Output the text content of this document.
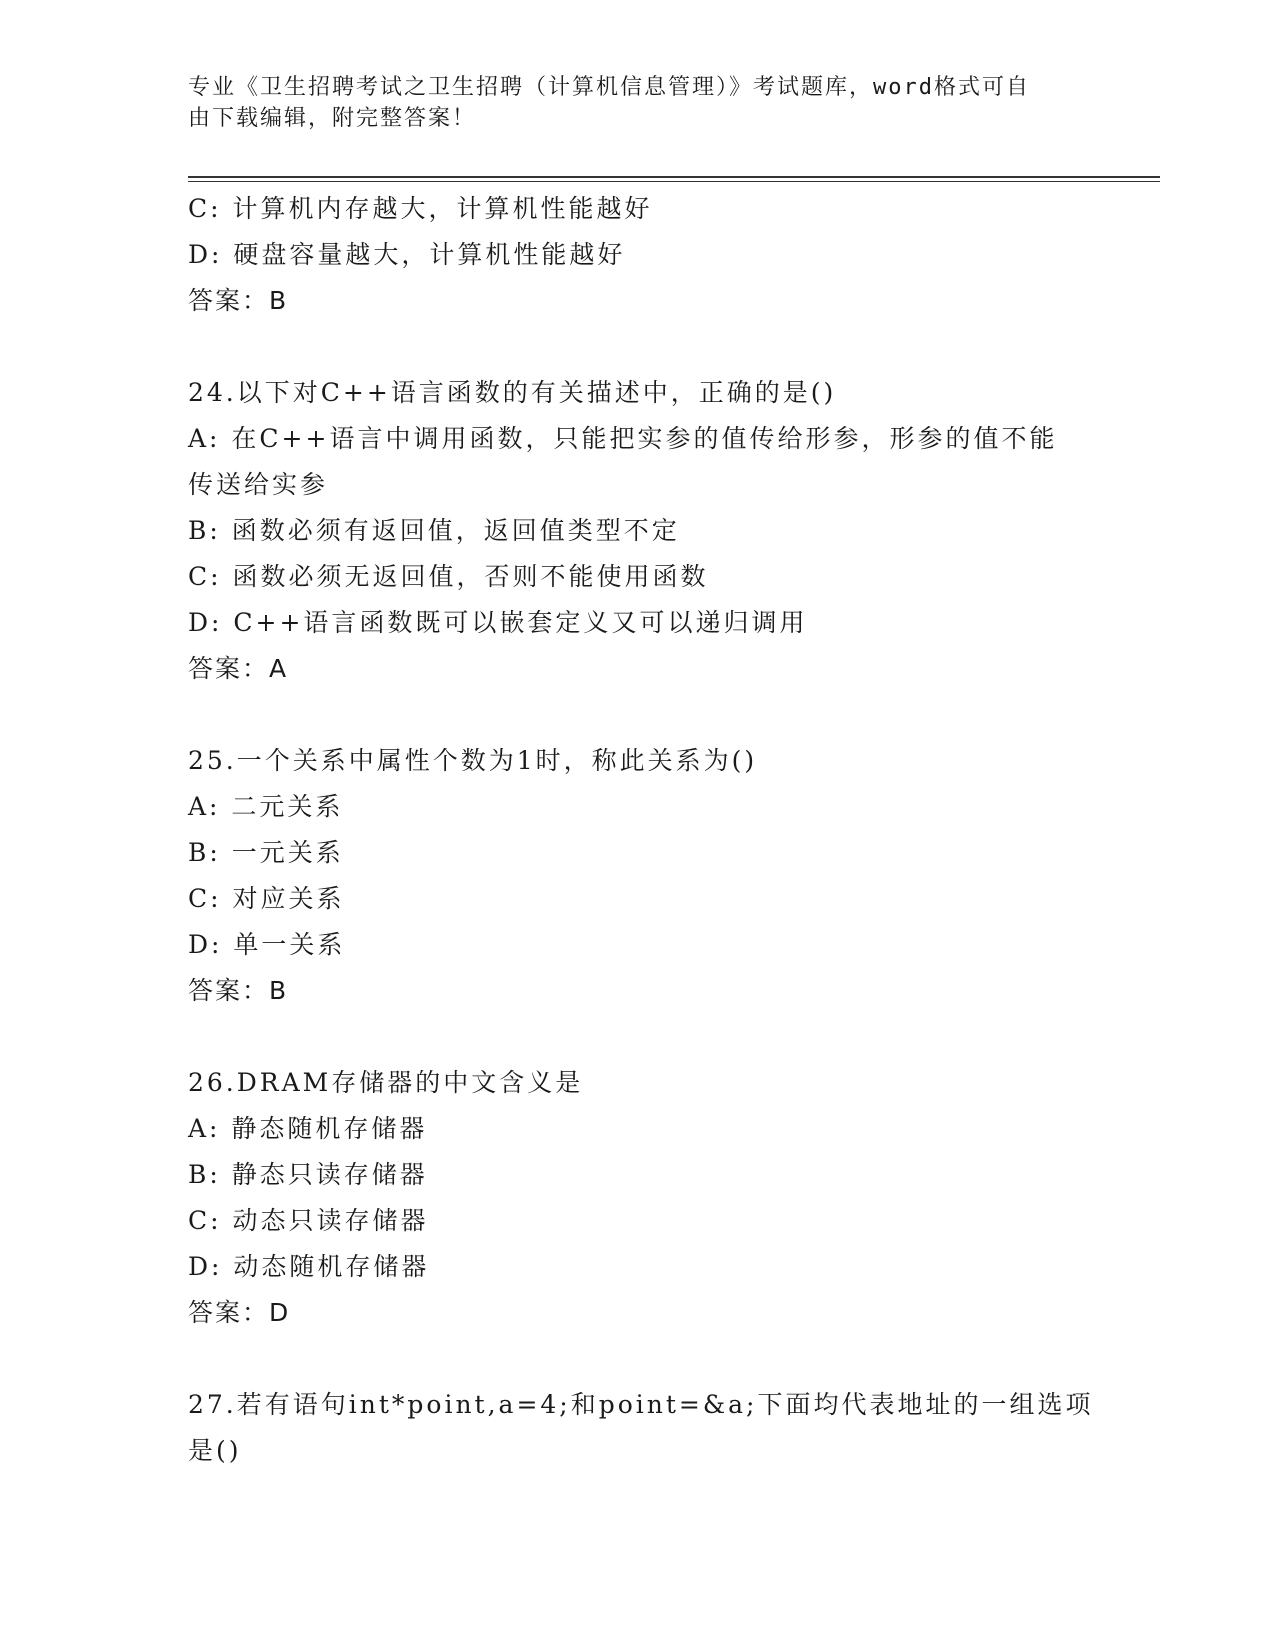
专业《卫生招聘考试之卫生招聘（计算机信息管理）》考试题库，word格式可自
由下载编辑，附完整答案！
C: 计算机内存越大，计算机性能越好
D: 硬盘容量越大，计算机性能越好
答案：B
24.以下对C++语言函数的有关描述中，正确的是()
A: 在C++语言中调用函数，只能把实参的值传给形参，形参的值不能
传送给实参
B: 函数必须有返回值，返回值类型不定
C: 函数必须无返回值，否则不能使用函数
D: C++语言函数既可以嵌套定义又可以递归调用
答案：A
25.一个关系中属性个数为1时，称此关系为()
A: 二元关系
B: 一元关系
C: 对应关系
D: 单一关系
答案：B
26.DRAM存储器的中文含义是
A: 静态随机存储器
B: 静态只读存储器
C: 动态只读存储器
D: 动态随机存储器
答案：D
27.若有语句int*point,a=4;和point=&a;下面均代表地址的一组选项
是()
